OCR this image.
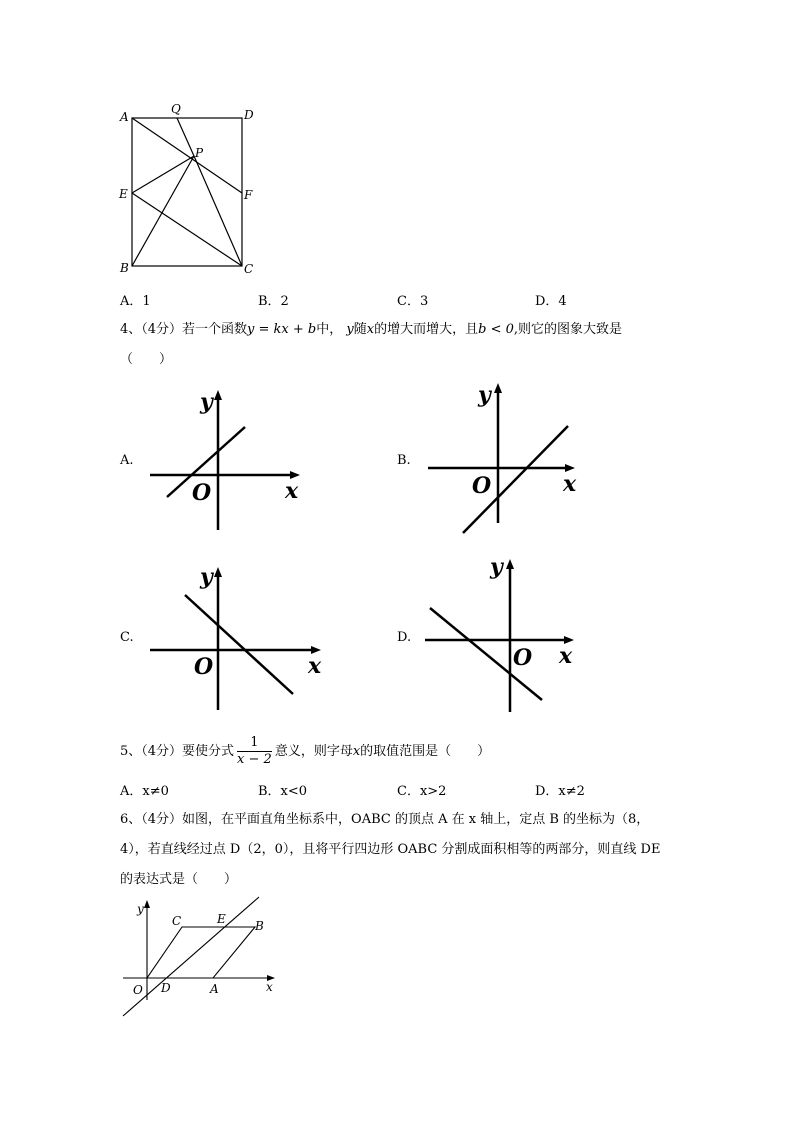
A
Q	D
P
E	F
B	C
A．1	B．2	C．3	D．4
4、（4分）若一个函数y = kx + b中， y随x的增大而增大，且b < 0,则它的图象大致是
（　　）
A.
y
O	x
B.
y
O	x
C.
y
O	x
D.
y
O x
5、（4分）要使分式 $\frac{1}{x - 2}$ 意义，则字母x的取值范围是（　　）
A．x≠0	B．x<0	C．x>2	D．x≠2
6、（4分）如图，在平面直角坐标系中，OABC 的顶点 A 在 x 轴上，定点 B 的坐标为（8，
4），若直线经过点 D（2，0），且将平行四边形 OABC 分割成面积相等的两部分，则直线 DE
的表达式是（　　）
y
C	E B
O D	A	x
